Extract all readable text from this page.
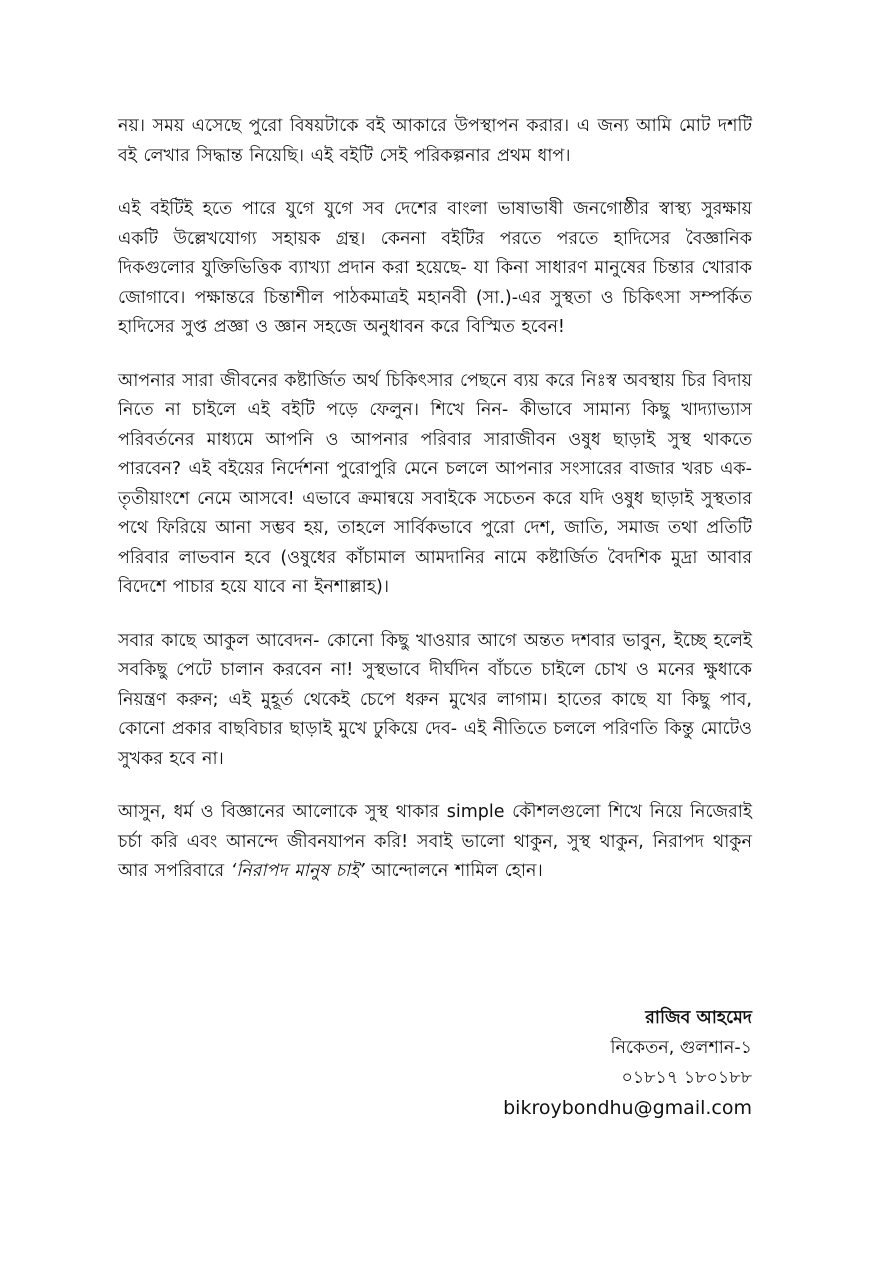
নয়। সময় এসেছে পুরো বিষয়টাকে বই আকারে উপস্থাপন করার। এ জন্য আমি মোট দশটি বই লেখার সিদ্ধান্ত নিয়েছি। এই বইটি সেই পরিকল্পনার প্রথম ধাপ।

এই বইটিই হতে পারে যুগে যুগে সব দেশের বাংলা ভাষাভাষী জনগোষ্ঠীর স্বাস্থ্য সুরক্ষায় একটি উল্লেখযোগ্য সহায়ক গ্রন্থ। কেননা বইটির পরতে পরতে হাদিসের বৈজ্ঞানিক দিকগুলোর যুক্তিভিত্তিক ব্যাখ্যা প্রদান করা হয়েছে- যা কিনা সাধারণ মানুষের চিন্তার খোরাক জোগাবে। পক্ষান্তরে চিন্তাশীল পাঠকমাত্রই মহানবী (সা.)-এর সুস্থতা ও চিকিৎসা সম্পর্কিত হাদিসের সুপ্ত প্রজ্ঞা ও জ্ঞান সহজে অনুধাবন করে বিস্মিত হবেন!

আপনার সারা জীবনের কষ্টার্জিত অর্থ চিকিৎসার পেছনে ব্যয় করে নিঃস্ব অবস্থায় চির বিদায় নিতে না চাইলে এই বইটি পড়ে ফেলুন। শিখে নিন- কীভাবে সামান্য কিছু খাদ্যাভ্যাস পরিবর্তনের মাধ্যমে আপনি ও আপনার পরিবার সারাজীবন ওষুধ ছাড়াই সুস্থ থাকতে পারবেন? এই বইয়ের নির্দেশনা পুরোপুরি মেনে চললে আপনার সংসারের বাজার খরচ এক-তৃতীয়াংশে নেমে আসবে! এভাবে ক্রমান্বয়ে সবাইকে সচেতন করে যদি ওষুধ ছাড়াই সুস্থতার পথে ফিরিয়ে আনা সম্ভব হয়, তাহলে সার্বিকভাবে পুরো দেশ, জাতি, সমাজ তথা প্রতিটি পরিবার লাভবান হবে (ওষুধের কাঁচামাল আমদানির নামে কষ্টার্জিত বৈদশিক মুদ্রা আবার বিদেশে পাচার হয়ে যাবে না ইনশাল্লাহ)।

সবার কাছে আকুল আবেদন- কোনো কিছু খাওয়ার আগে অন্তত দশবার ভাবুন, ইচ্ছে হলেই সবকিছু পেটে চালান করবেন না! সুস্থভাবে দীর্ঘদিন বাঁচতে চাইলে চোখ ও মনের ক্ষুধাকে নিয়ন্ত্রণ করুন; এই মুহূর্ত থেকেই চেপে ধরুন মুখের লাগাম। হাতের কাছে যা কিছু পাব, কোনো প্রকার বাছবিচার ছাড়াই মুখে ঢুকিয়ে দেব- এই নীতিতে চললে পরিণতি কিন্তু মোটেও সুখকর হবে না।

আসুন, ধর্ম ও বিজ্ঞানের আলোকে সুস্থ থাকার simple কৌশলগুলো শিখে নিয়ে নিজেরাই চর্চা করি এবং আনন্দে জীবনযাপন করি! সবাই ভালো থাকুন, সুস্থ থাকুন, নিরাপদ থাকুন আর সপরিবারে ‘নিরাপদ মানুষ চাই’ আন্দোলনে শামিল হোন।

রাজিব আহমেদ

নিকেতন, গুলশান-১

০১৮১৭ ১৮০১৮৮

bikroybondhu@gmail.com
